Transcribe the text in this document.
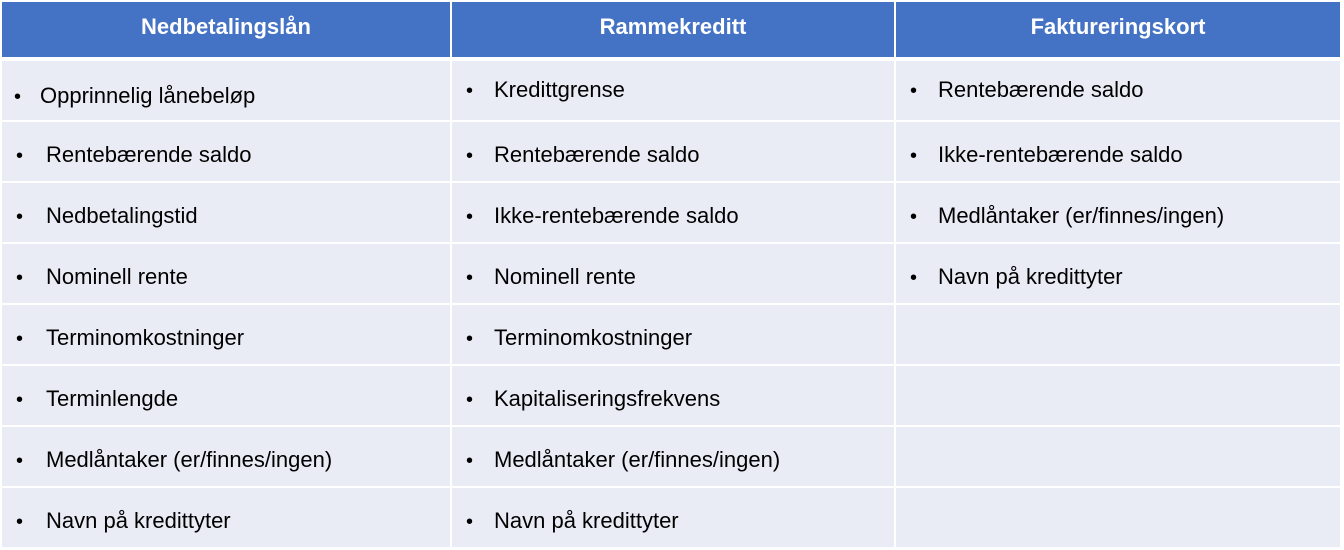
Nedbetalingslån	Rammekreditt	Faktureringskort

• Opprinnelig lånebeløp	• Kredittgrense	• Rentebærende saldo

• Rentebærende saldo	• Rentebærende saldo	• Ikke-rentebærende saldo

• Nedbetalingstid	• Ikke-rentebærende saldo	• Medlåntaker (er/finnes/ingen)

• Nominell rente	• Nominell rente	• Navn på kredittyter

• Terminomkostninger	• Terminomkostninger	

• Terminlengde	• Kapitaliseringsfrekvens	

• Medlåntaker (er/finnes/ingen)	• Medlåntaker (er/finnes/ingen)	

• Navn på kredittyter	• Navn på kredittyter	
